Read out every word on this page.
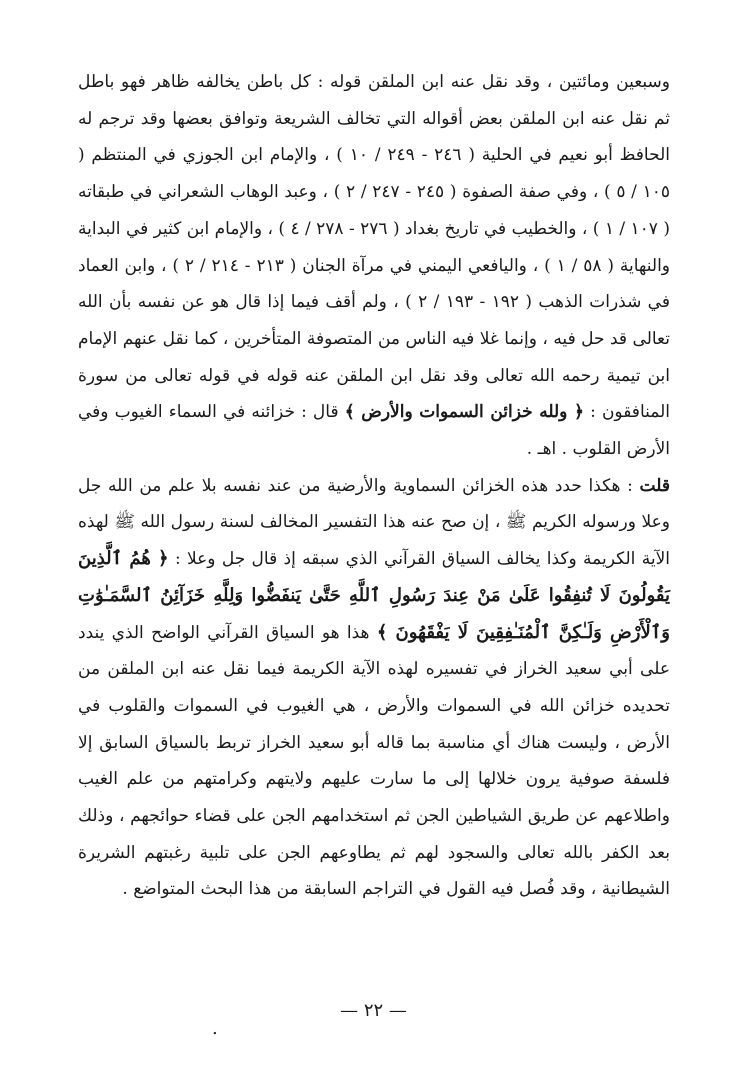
وسبعين ومائتين ، وقد نقل عنه ابن الملقن قوله : كل باطن يخالفه ظاهر فهو باطل ثم نقل عنه ابن الملقن بعض أقواله التي تخالف الشريعة وتوافق بعضها وقد ترجم له الحافظ أبو نعيم في الحلية ( ٢٤٦ - ٢٤٩ / ١٠ ) ، والإمام ابن الجوزي في المنتظم ( ١٠٥ / ٥ ) ، وفي صفة الصفوة ( ٢٤٥ - ٢٤٧ / ٢ ) ، وعبد الوهاب الشعراني في طبقاته ( ١٠٧ / ١ ) ، والخطيب في تاريخ بغداد ( ٢٧٦ - ٢٧٨ / ٤ ) ، والإمام ابن كثير في البداية والنهاية ( ٥٨ / ١ ) ، واليافعي اليمني في مرآة الجنان ( ٢١٣ - ٢١٤ / ٢ ) ، وابن العماد في شذرات الذهب ( ١٩٢ - ١٩٣ / ٢ ) ، ولم أقف فيما إذا قال هو عن نفسه بأن الله تعالى قد حل فيه ، وإنما غلا فيه الناس من المتصوفة المتأخرين ، كما نقل عنهم الإمام ابن تيمية رحمه الله تعالى وقد نقل ابن الملقن عنه قوله في قوله تعالى من سورة المنافقون : ﴿ ولله خزائن السموات والأرض ﴾ قال : خزائنه في السماء الغيوب وفي الأرض القلوب . اهـ .

قلت : هكذا حدد هذه الخزائن السماوية والأرضية من عند نفسه بلا علم من الله جل وعلا ورسوله الكريم ﷺ ، إن صح عنه هذا التفسير المخالف لسنة رسول الله ﷺ لهذه الآية الكريمة وكذا يخالف السياق القرآني الذي سبقه إذ قال جل وعلا : ﴿ هُمُ ٱلَّذِينَ يَقُولُونَ لَا تُنفِقُوا عَلَىٰ مَنْ عِندَ رَسُولِ ٱللَّهِ حَتَّىٰ يَنفَضُّوا وَلِلَّهِ خَزَآئِنُ ٱلسَّمَـٰوَٰتِ وَٱلْأَرْضِ وَلَـٰكِنَّ ٱلْمُنَـٰفِقِينَ لَا يَفْقَهُونَ ﴾ هذا هو السياق القرآني الواضح الذي يندد على أبي سعيد الخراز في تفسيره لهذه الآية الكريمة فيما نقل عنه ابن الملقن من تحديده خزائن الله في السموات والأرض ، هي الغيوب في السموات والقلوب في الأرض ، وليست هناك أي مناسبة بما قاله أبو سعيد الخراز تربط بالسياق السابق إلا فلسفة صوفية يرون خلالها إلى ما سارت عليهم ولايتهم وكرامتهم من علم الغيب واطلاعهم عن طريق الشياطين الجن ثم استخدامهم الجن على قضاء حوائجهم ، وذلك بعد الكفر بالله تعالى والسجود لهم ثم يطاوعهم الجن على تلبية رغبتهم الشريرة الشيطانية ، وقد فُصل فيه القول في التراجم السابقة من هذا البحث المتواضع .

— ٢٢ —
.
